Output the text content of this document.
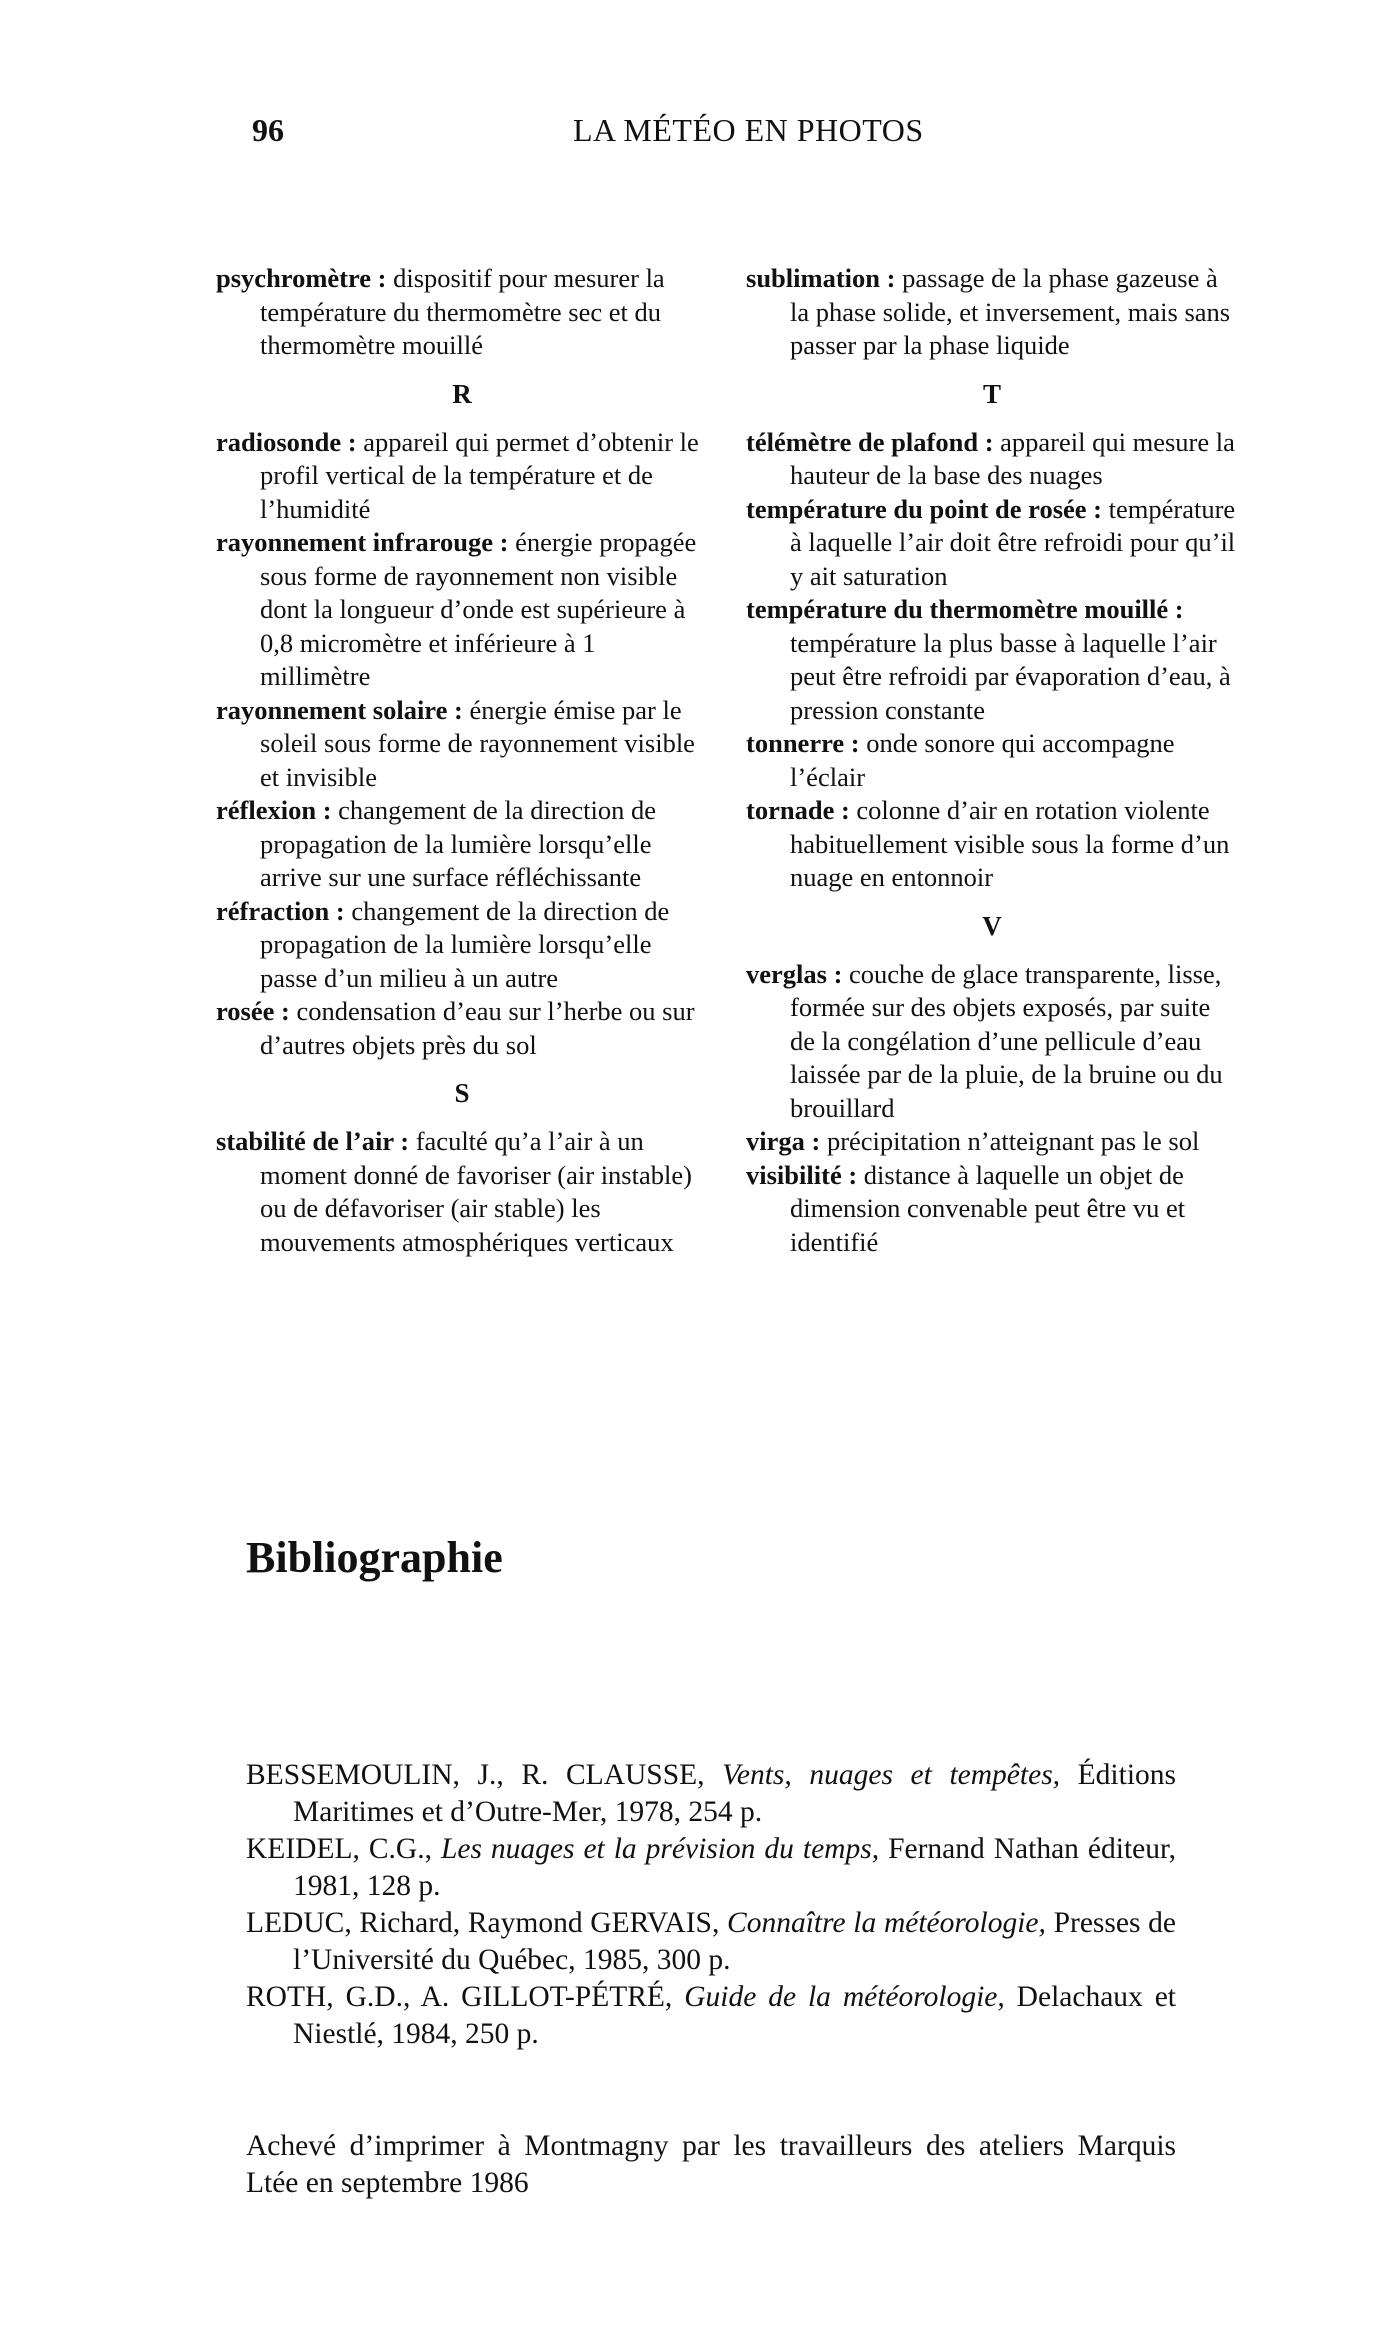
96	LA MÉTÉO EN PHOTOS

psychromètre : dispositif pour mesurer la température du thermomètre sec et du thermomètre mouillé

R

radiosonde : appareil qui permet d’obtenir le profil vertical de la température et de l’humidité

rayonnement infrarouge : énergie propagée sous forme de rayonnement non visible dont la longueur d’onde est supérieure à 0,8 micromètre et inférieure à 1 millimètre

rayonnement solaire : énergie émise par le soleil sous forme de rayonnement visible et invisible

réflexion : changement de la direction de propagation de la lumière lorsqu’elle arrive sur une surface réfléchissante

réfraction : changement de la direction de propagation de la lumière lorsqu’elle passe d’un milieu à un autre

rosée : condensation d’eau sur l’herbe ou sur d’autres objets près du sol

S

stabilité de l’air : faculté qu’a l’air à un moment donné de favoriser (air instable) ou de défavoriser (air stable) les mouvements atmosphériques verticaux

sublimation : passage de la phase gazeuse à la phase solide, et inversement, mais sans passer par la phase liquide

T

télémètre de plafond : appareil qui mesure la hauteur de la base des nuages

température du point de rosée : température à laquelle l’air doit être refroidi pour qu’il y ait saturation

température du thermomètre mouillé : température la plus basse à laquelle l’air peut être refroidi par évaporation d’eau, à pression constante

tonnerre : onde sonore qui accompagne l’éclair

tornade : colonne d’air en rotation violente habituellement visible sous la forme d’un nuage en entonnoir

V

verglas : couche de glace transparente, lisse, formée sur des objets exposés, par suite de la congélation d’une pellicule d’eau laissée par de la pluie, de la bruine ou du brouillard

virga : précipitation n’atteignant pas le sol

visibilité : distance à laquelle un objet de dimension convenable peut être vu et identifié

Bibliographie

BESSEMOULIN, J., R. CLAUSSE, Vents, nuages et tempêtes, Éditions Maritimes et d’Outre-Mer, 1978, 254 p.

KEIDEL, C.G., Les nuages et la prévision du temps, Fernand Nathan éditeur, 1981, 128 p.

LEDUC, Richard, Raymond GERVAIS, Connaître la météorologie, Presses de l’Université du Québec, 1985, 300 p.

ROTH, G.D., A. GILLOT-PÉTRÉ, Guide de la météorologie, Delachaux et Niestlé, 1984, 250 p.

Achevé d’imprimer à Montmagny par les travailleurs des ateliers Marquis Ltée en septembre 1986
